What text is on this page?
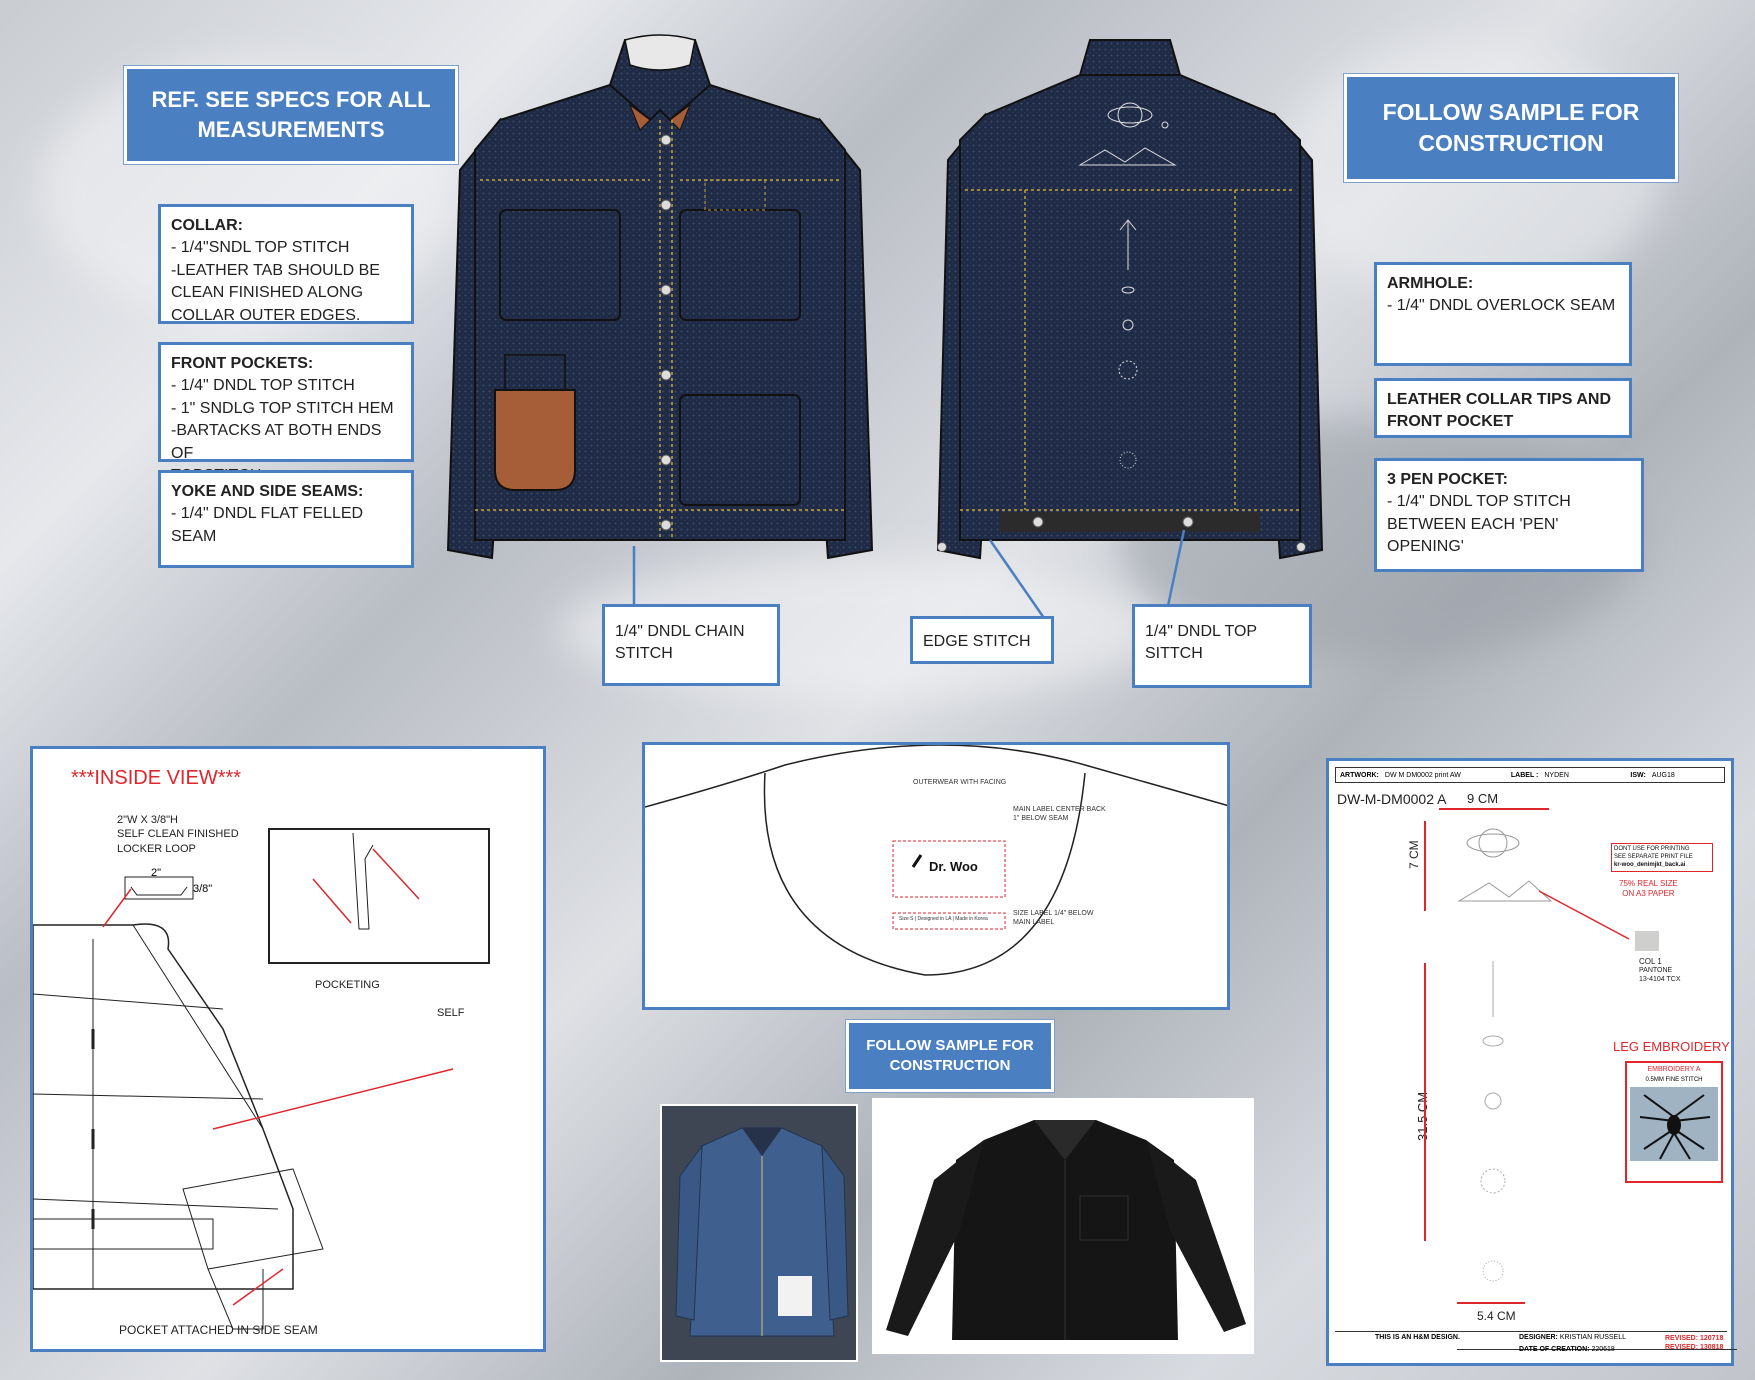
REF. SEE SPECS FOR ALL MEASUREMENTS
FOLLOW SAMPLE FOR CONSTRUCTION
COLLAR:
- 1/4"SNDL TOP STITCH
-LEATHER TAB SHOULD BE
CLEAN FINISHED ALONG
COLLAR OUTER EDGES.
FRONT POCKETS:
- 1/4" DNDL TOP STITCH
- 1" SNDLG TOP STITCH HEM
-BARTACKS AT BOTH ENDS OF
YOKE AND SIDE SEAMS:
- 1/4" DNDL FLAT FELLED SEAM
ARMHOLE:
- 1/4" DNDL OVERLOCK SEAM
LEATHER COLLAR TIPS AND FRONT POCKET
3 PEN POCKET:
- 1/4" DNDL TOP STITCH
BETWEEN EACH 'PEN'
OPENING'
1/4" DNDL CHAIN
STITCH
EDGE STITCH
1/4" DNDL TOP
SITTCH
***INSIDE VIEW***
2"W X 3/8"H
SELF CLEAN FINISHED
LOCKER LOOP
2"
3/8"
POCKETING
SELF
POCKET ATTACHED IN SIDE SEAM
OUTERWEAR WITH FACING
MAIN LABEL CENTER BACK
1" BELOW SEAM
Dr. Woo
SIZE LABEL 1/4" BELOW
MAIN LABEL
Size S | Designed in LA | Made in Korea
FOLLOW SAMPLE FOR CONSTRUCTION
ARTWORK: DW M DM0002 print AW	LABEL : NYDEN	ISW: AUG18
DW-M-DM0002 A 9 CM
7 CM
31.5 CM
5.4 CM
DONT USE FOR PRINTING
SEE SEPARATE PRINT FILE
kr-woo_denimjkt_back.ai
75% REAL SIZE
ON A3 PAPER
COL 1
PANTONE
13-4104 TCX
LEG EMBROIDERY
EMBROIDERY A
0.5MM FINE STITCH
THIS IS AN H&M DESIGN.	DESIGNER: KRISTIAN RUSSELL
DATE OF CREATION: 220618
REVISED: 120718
REVISED: 130818
